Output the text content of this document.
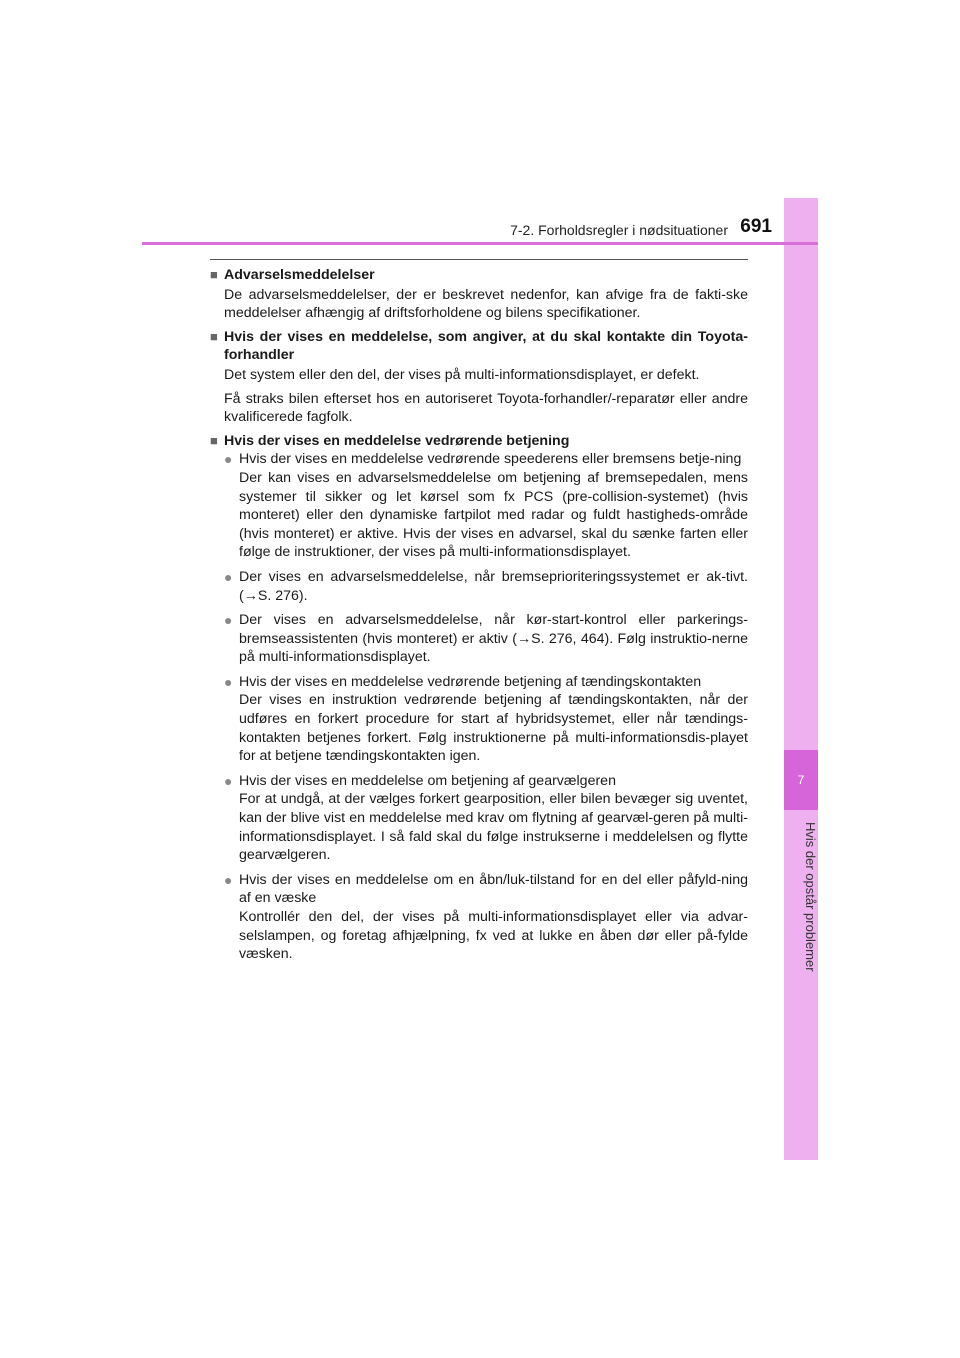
7
Hvis der opstår problemer
7-2. Forholdsregler i nødsituationer 691
■ Advarselsmeddelelser
De advarselsmeddelelser, der er beskrevet nedenfor, kan afvige fra de fakti-ske meddelelser afhængig af driftsforholdene og bilens specifikationer.
■ Hvis der vises en meddelelse, som angiver, at du skal kontakte din Toyota-forhandler
Det system eller den del, der vises på multi-informationsdisplayet, er defekt.
Få straks bilen efterset hos en autoriseret Toyota-forhandler/-reparatør eller andre kvalificerede fagfolk.
■ Hvis der vises en meddelelse vedrørende betjening
● Hvis der vises en meddelelse vedrørende speederens eller bremsens betje-ning
Der kan vises en advarselsmeddelelse om betjening af bremsepedalen, mens systemer til sikker og let kørsel som fx PCS (pre-collision-systemet) (hvis monteret) eller den dynamiske fartpilot med radar og fuldt hastigheds-område (hvis monteret) er aktive. Hvis der vises en advarsel, skal du sænke farten eller følge de instruktioner, der vises på multi-informationsdisplayet.
● Der vises en advarselsmeddelelse, når bremseprioriteringssystemet er ak-tivt. (→S. 276).
● Der vises en advarselsmeddelelse, når kør-start-kontrol eller parkerings-bremseassistenten (hvis monteret) er aktiv (→S. 276, 464). Følg instruktio-nerne på multi-informationsdisplayet.
● Hvis der vises en meddelelse vedrørende betjening af tændingskontakten
Der vises en instruktion vedrørende betjening af tændingskontakten, når der udføres en forkert procedure for start af hybridsystemet, eller når tændings-kontakten betjenes forkert. Følg instruktionerne på multi-informationsdis-playet for at betjene tændingskontakten igen.
● Hvis der vises en meddelelse om betjening af gearvælgeren
For at undgå, at der vælges forkert gearposition, eller bilen bevæger sig uventet, kan der blive vist en meddelelse med krav om flytning af gearvæl-geren på multi-informationsdisplayet. I så fald skal du følge instrukserne i meddelelsen og flytte gearvælgeren.
● Hvis der vises en meddelelse om en åbn/luk-tilstand for en del eller påfyld-ning af en væske
Kontrollér den del, der vises på multi-informationsdisplayet eller via advar-selslampen, og foretag afhjælpning, fx ved at lukke en åben dør eller på-fylde væsken.
